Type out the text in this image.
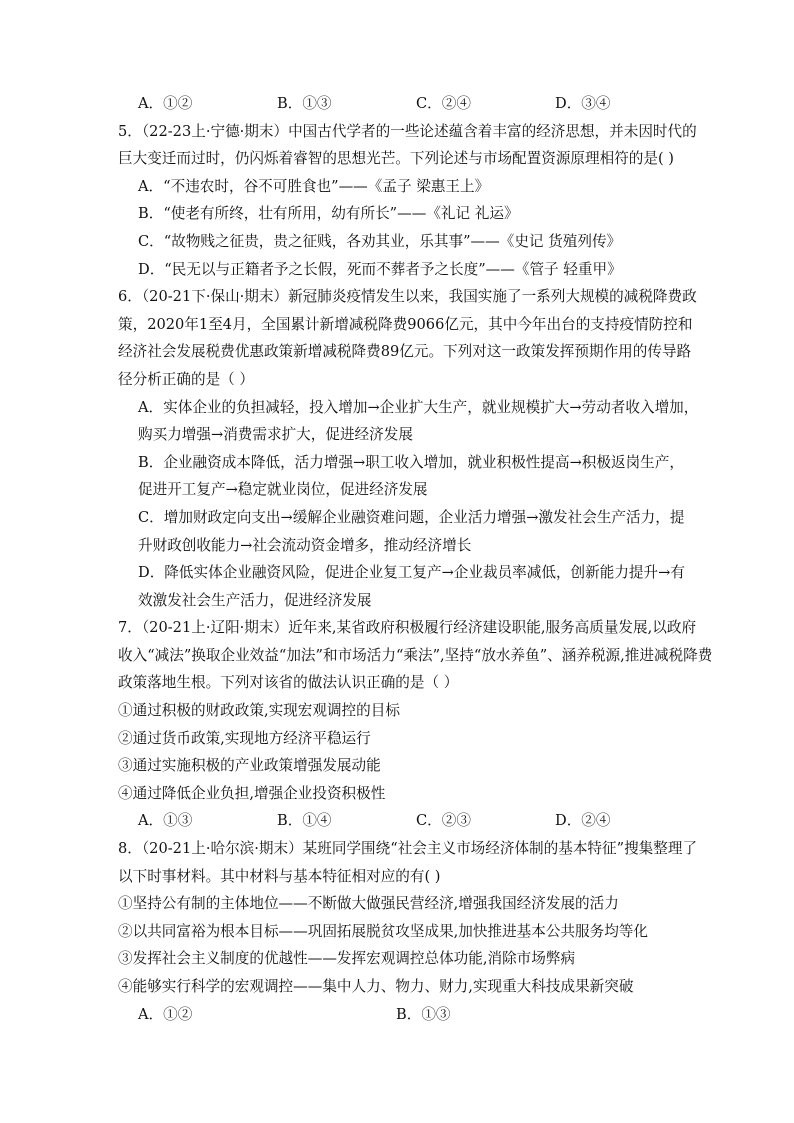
A．①②	B．①③	C．②④	D．③④
5．（22-23上·宁德·期末）中国古代学者的一些论述蕴含着丰富的经济思想，并未因时代的
巨大变迁而过时，仍闪烁着睿智的思想光芒。下列论述与市场配置资源原理相符的是( )
A．“不违农时，谷不可胜食也”——《孟子 梁惠王上》
B．“使老有所终，壮有所用，幼有所长”——《礼记 礼运》
C．“故物贱之征贵，贵之征贱，各劝其业，乐其事”——《史记 货殖列传》
D．“民无以与正籍者予之长假，死而不葬者予之长度”——《管子 轻重甲》
6．（20-21下·保山·期末）新冠肺炎疫情发生以来，我国实施了一系列大规模的减税降费政
策，2020年1至4月，全国累计新增减税降费9066亿元，其中今年出台的支持疫情防控和
经济社会发展税费优惠政策新增减税降费89亿元。下列对这一政策发挥预期作用的传导路
径分析正确的是（ ）
A．实体企业的负担减轻，投入增加→企业扩大生产，就业规模扩大→劳动者收入增加，
购买力增强→消费需求扩大，促进经济发展
B．企业融资成本降低，活力增强→职工收入增加，就业积极性提高→积极返岗生产，
促进开工复产→稳定就业岗位，促进经济发展
C．增加财政定向支出→缓解企业融资难问题，企业活力增强→激发社会生产活力，提
升财政创收能力→社会流动资金增多，推动经济增长
D．降低实体企业融资风险，促进企业复工复产→企业裁员率减低，创新能力提升→有
效激发社会生产活力，促进经济发展
7．（20-21上·辽阳·期末）近年来,某省政府积极履行经济建设职能,服务高质量发展,以政府
收入“减法”换取企业效益“加法”和市场活力“乘法”,坚持“放水养鱼”、涵养税源,推进减税降费
政策落地生根。下列对该省的做法认识正确的是（ ）
①通过积极的财政政策,实现宏观调控的目标
②通过货币政策,实现地方经济平稳运行
③通过实施积极的产业政策增强发展动能
④通过降低企业负担,增强企业投资积极性
A．①③	B．①④	C．②③	D．②④
8．（20-21上·哈尔滨·期末）某班同学围绕“社会主义市场经济体制的基本特征”搜集整理了
以下时事材料。其中材料与基本特征相对应的有( )
①坚持公有制的主体地位——不断做大做强民营经济,增强我国经济发展的活力
②以共同富裕为根本目标——巩固拓展脱贫攻坚成果,加快推进基本公共服务均等化
③发挥社会主义制度的优越性——发挥宏观调控总体功能,消除市场弊病
④能够实行科学的宏观调控——集中人力、物力、财力,实现重大科技成果新突破
A．①②	B．①③
